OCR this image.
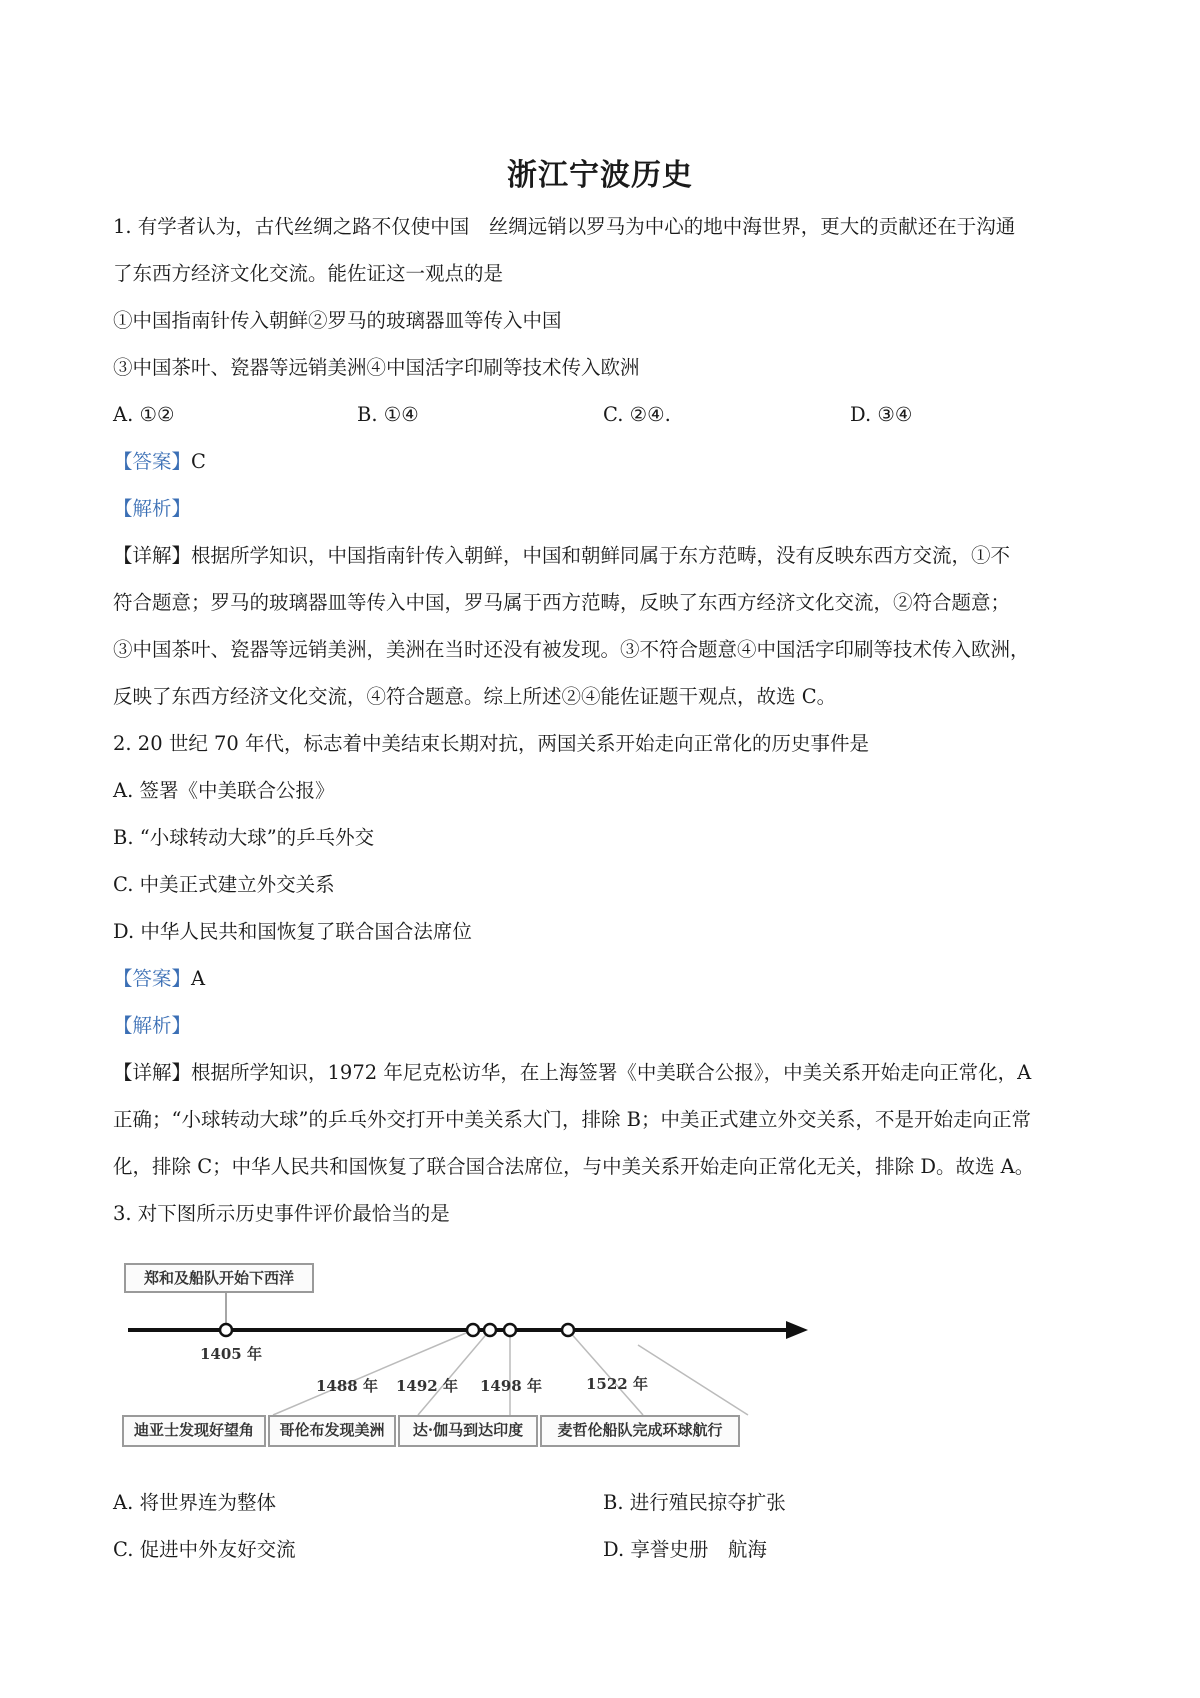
浙江宁波历史
1. 有学者认为，古代丝绸之路不仅使中国　丝绸远销以罗马为中心的地中海世界，更大的贡献还在于沟通
了东西方经济文化交流。能佐证这一观点的是
①中国指南针传入朝鲜②罗马的玻璃器皿等传入中国
③中国茶叶、瓷器等远销美洲④中国活字印刷等技术传入欧洲
A. ①②	B. ①④	C. ②④.	D. ③④
【答案】C
【解析】
【详解】根据所学知识，中国指南针传入朝鲜，中国和朝鲜同属于东方范畴，没有反映东西方交流，①不
符合题意；罗马的玻璃器皿等传入中国，罗马属于西方范畴，反映了东西方经济文化交流，②符合题意；
③中国茶叶、瓷器等远销美洲，美洲在当时还没有被发现。③不符合题意④中国活字印刷等技术传入欧洲，
反映了东西方经济文化交流，④符合题意。综上所述②④能佐证题干观点，故选 C。
2. 20 世纪 70 年代，标志着中美结束长期对抗，两国关系开始走向正常化的历史事件是
A. 签署《中美联合公报》
B. “小球转动大球”的乒乓外交
C. 中美正式建立外交关系
D. 中华人民共和国恢复了联合国合法席位
【答案】A
【解析】
【详解】根据所学知识，1972 年尼克松访华，在上海签署《中美联合公报》，中美关系开始走向正常化，A
正确；“小球转动大球”的乒乓外交打开中美关系大门，排除 B；中美正式建立外交关系，不是开始走向正常
化，排除 C；中华人民共和国恢复了联合国合法席位，与中美关系开始走向正常化无关，排除 D。故选 A。
3. 对下图所示历史事件评价最恰当的是
郑和及船队开始下西洋
1405 年
1488 年 1492 年 1498 年	1522 年
迪亚士发现好望角	哥伦布发现美洲	达·伽马到达印度	麦哲伦船队完成环球航行
A. 将世界连为整体	B. 进行殖民掠夺扩张
C. 促进中外友好交流	D. 享誉史册　航海
